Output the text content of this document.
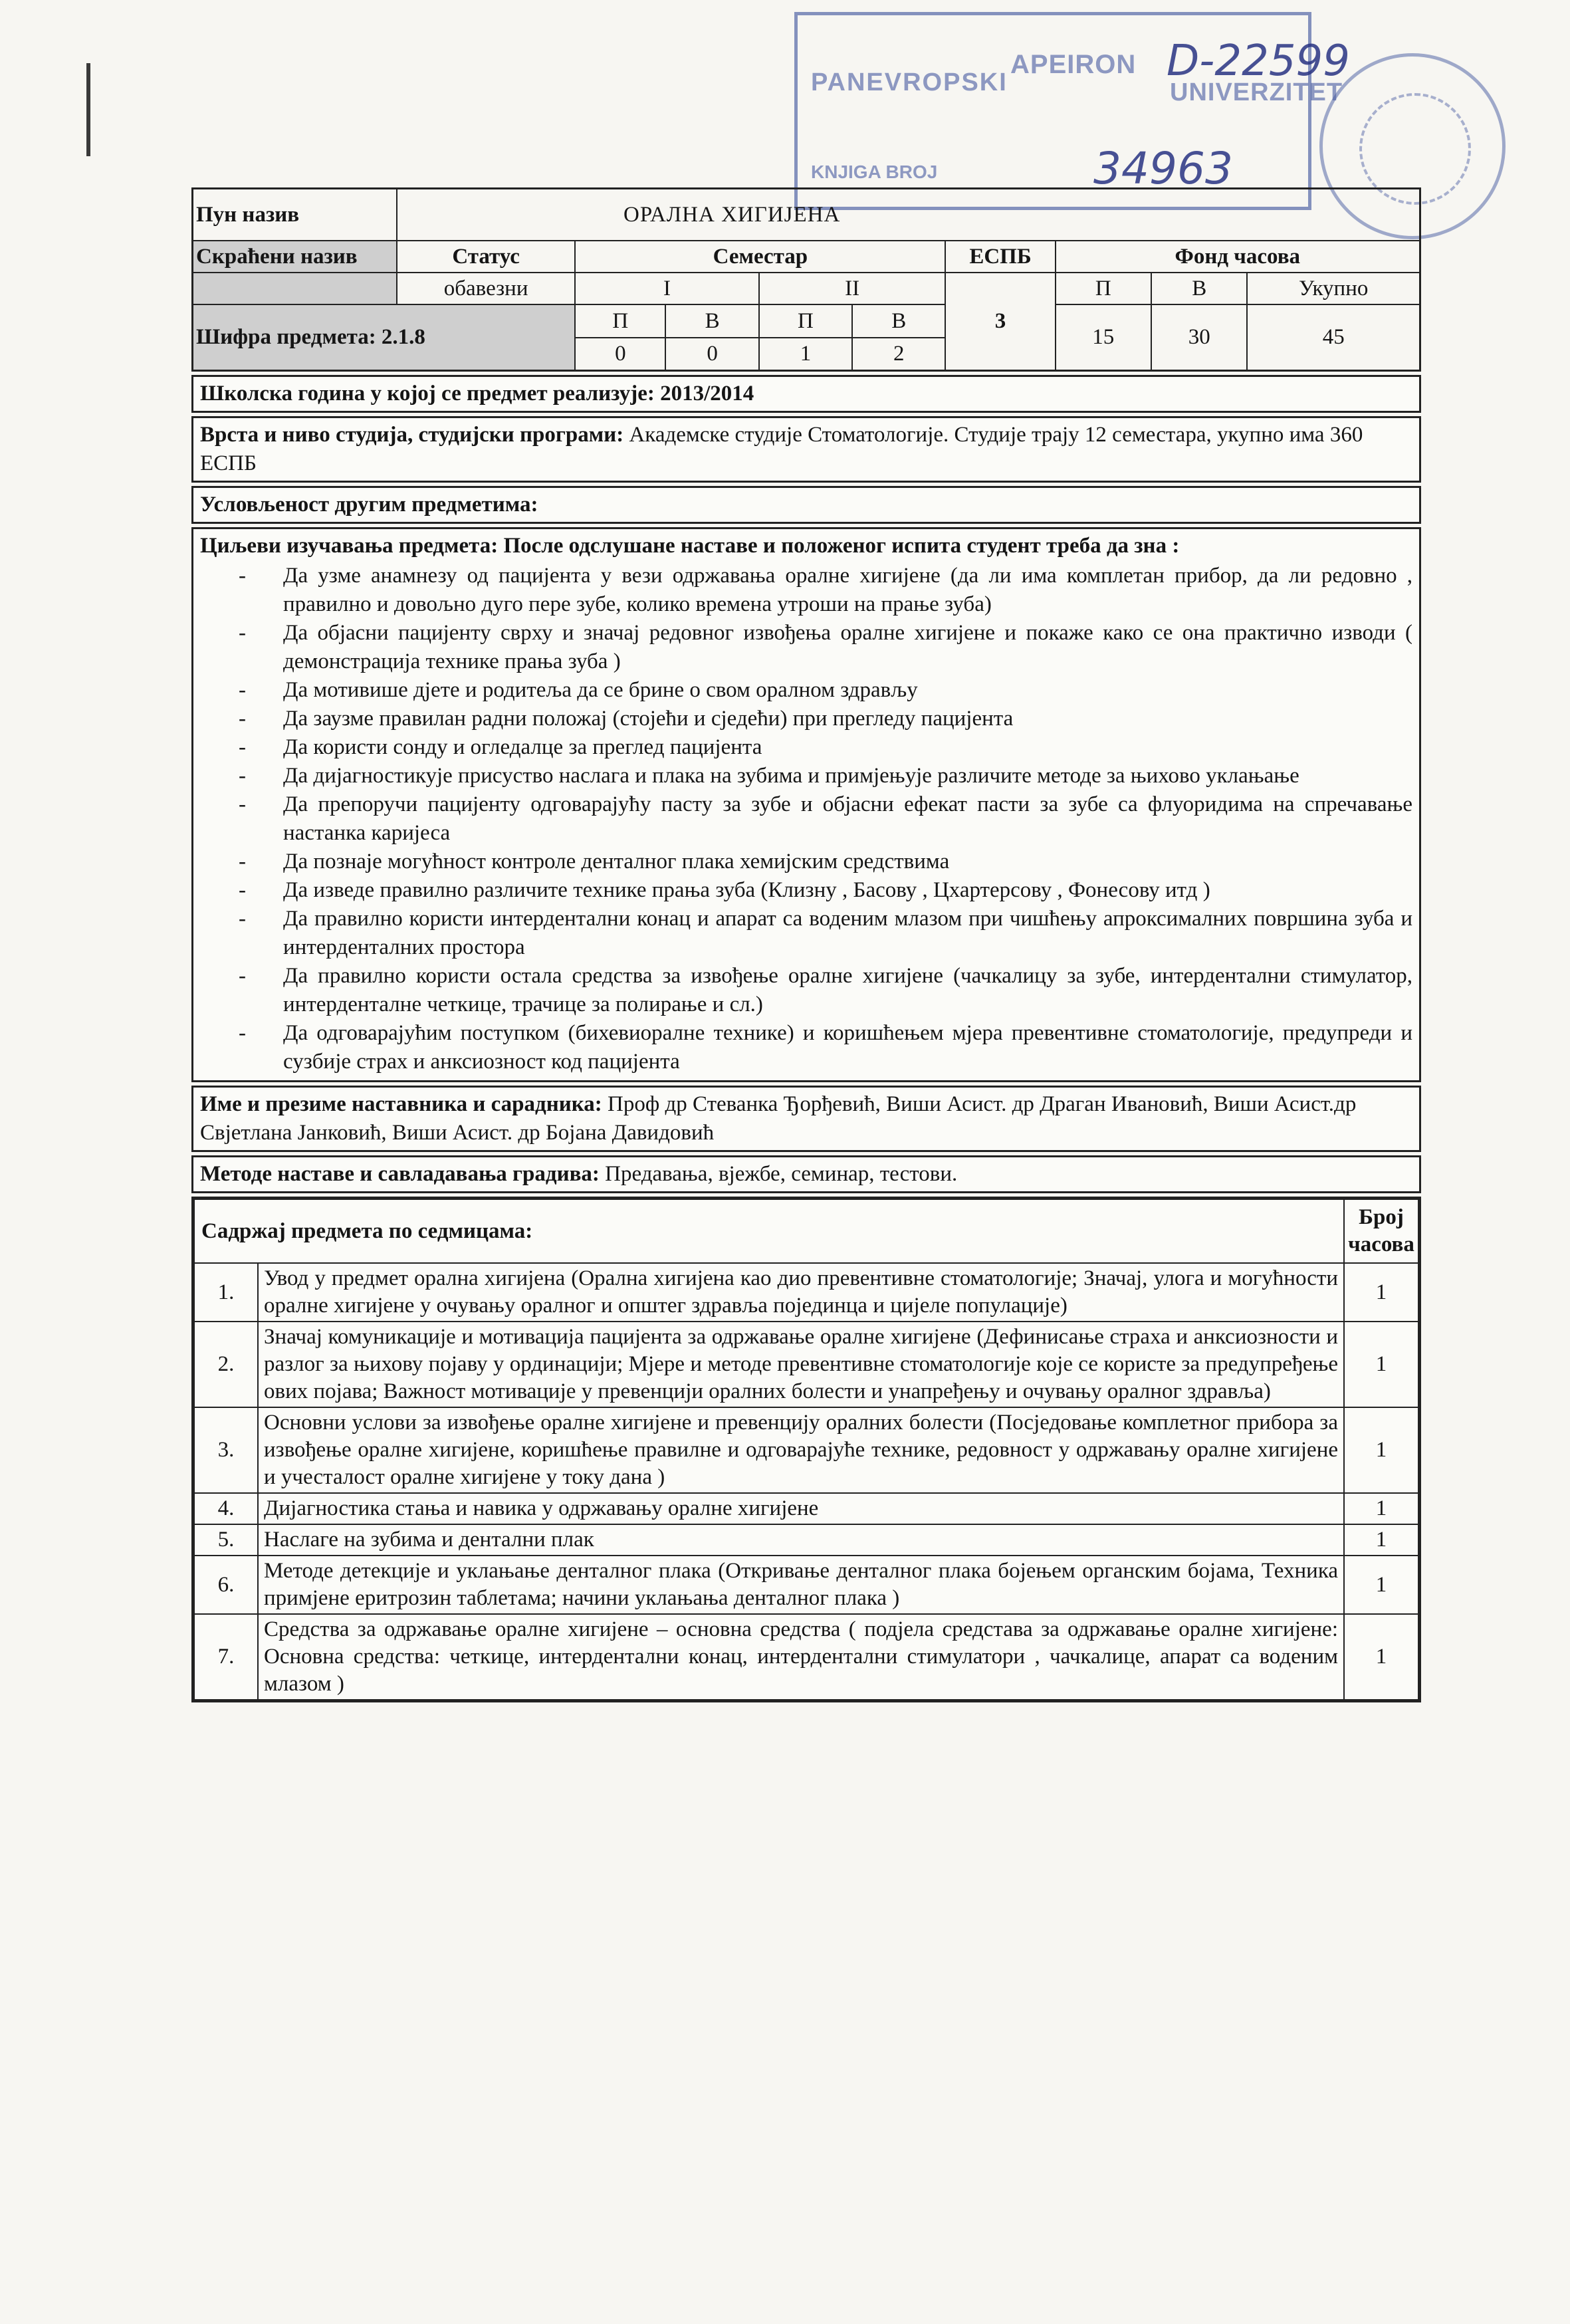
PANEVROPSKI
APEIRON
UNIVERZITET
KNJIGA BROJ
D-22599
34963
Пун назив	ОРАЛНА ХИГИЈЕНА								
Скраћени назив	Статус	Семестар				ЕСПБ	Фонд часова		
	обавезни	I		II		3	П	В	Укупно
Шифра предмета: 2.1.8		П	В	П	В		15	30	45
		0	0	1	2				
Школска година у којој се предмет реализује: 2013/2014
Врста и ниво студија, студијски програми: Академске студије Стоматологије. Студије трају 12 семестара, укупно има 360 ЕСПБ
Условљеност другим предметима:
Циљеви изучавања предмета: После одслушане наставе и положеног испита студент треба да зна :
- Да узме анамнезу од пацијента у вези одржавања оралне хигијене (да ли има комплетан прибор, да ли редовно , правилно и довољно дуго пере зубе, колико времена утроши на прање зуба)
- Да објасни пацијенту сврху и значај редовног извођења оралне хигијене и покаже како се она практично изводи ( демонстрација технике прања зуба )
- Да мотивише дјете и родитеља да се брине о свом оралном здрављу
- Да заузме правилан радни положај (стојећи и сједећи) при прегледу пацијента
- Да користи сонду и огледалце за преглед пацијента
- Да дијагностикује присуство наслага и плака на зубима и примјењује различите методе за њихово уклањање
- Да препоручи пацијенту одговарајућу пасту за зубе и објасни ефекат пасти за зубе са флуоридима на спречавање настанка каријеса
- Да познаје могућност контроле денталног плака хемијским средствима
- Да изведе правилно различите технике прања зуба (Клизну , Басову , Цхартерсову , Фонесову итд )
- Да правилно користи интердентални конац и апарат са воденим млазом при чишћењу апроксималних површина зуба и интерденталних простора
- Да правилно користи остала средства за извођење оралне хигијене (чачкалицу за зубе, интердентални стимулатор, интерденталне четкице, трачице за полирање и сл.)
- Да одговарајућим поступком (бихевиоралне технике) и коришћењем мјера превентивне стоматологије, предупреди и сузбије страх и анксиозност код пацијента
Име и презиме наставника и сарадника: Проф др Стеванка Ђорђевић, Виши Асист. др Драган Ивановић, Виши Асист.др Свјетлана Јанковић, Виши Асист. др Бојана Давидовић
Методе наставе и савладавања градива: Предавања, вјежбе, семинар, тестови.
Садржај предмета по седмицама:		Број
часова

1.	Увод у предмет орална хигијена (Орална хигијена као дио превентивне стоматологије; Значај, улога и могућности оралне хигијене у очувању оралног и општег здравља појединца и цијеле популације)	1
2.	Значај комуникације и мотивација пацијента за одржавање оралне хигијене (Дефинисање страха и анксиозности и разлог за њихову појаву у ординацији; Мјере и методе превентивне стоматологије које се користе за предупређење ових појава; Важност мотивације у превенцији оралних болести и унапређењу и очувању оралног здравља)	1
3.	Основни услови за извођење оралне хигијене и превенцију оралних болести (Посједовање комплетног прибора за извођење оралне хигијене, коришћење правилне и одговарајуће технике, редовност у одржавању оралне хигијене и учесталост оралне хигијене у току дана )	1
4.	Дијагностика стања и навика у одржавању оралне хигијене	1
5.	Наслаге на зубима и дентални плак	1
6.	Методе детекције и уклањање денталног плака (Откривање денталног плака бојењем органским бојама, Техника примјене еритрозин таблетама; начини уклањања денталног плака )	1
7.	Средства за одржавање оралне хигијене – основна средства ( подјела средстава за одржавање оралне хигијене: Основна средства: четкице, интердентални конац, интердентални стимулатори , чачкалице, апарат са воденим млазом )	1
